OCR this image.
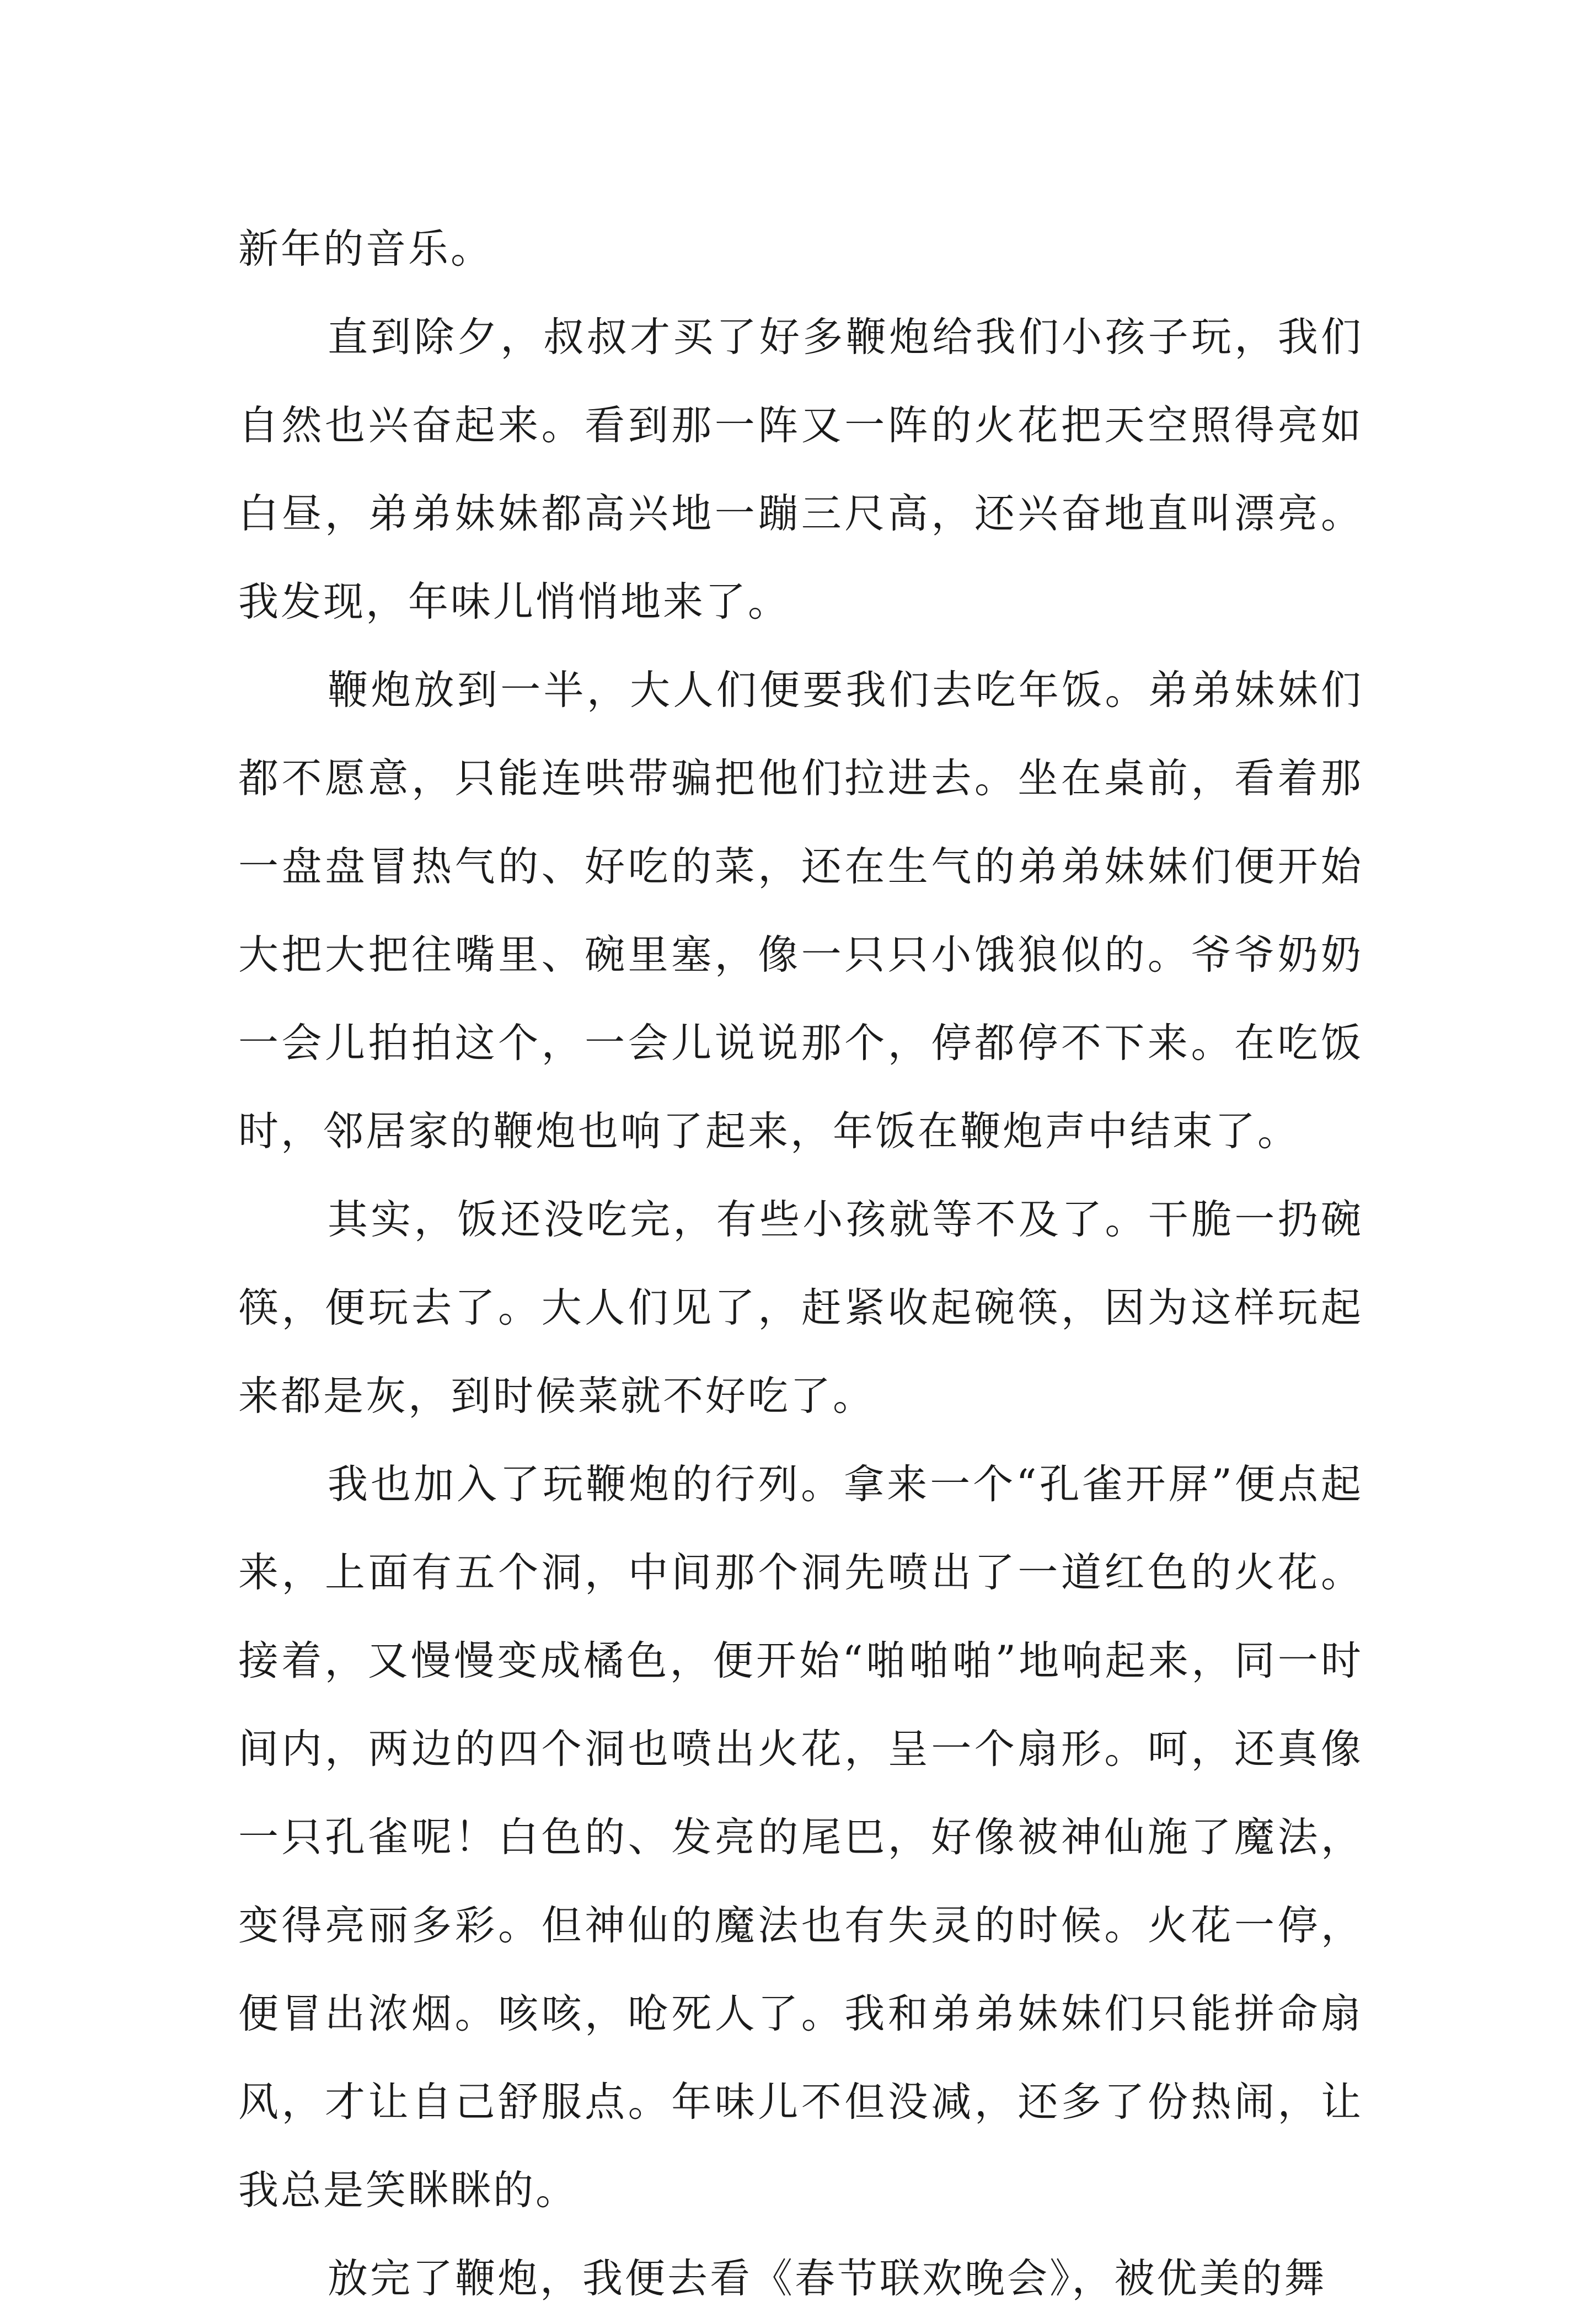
新年的音乐。

直到除夕，叔叔才买了好多鞭炮给我们小孩子玩，我们自然也兴奋起来。看到那一阵又一阵的火花把天空照得亮如白昼，弟弟妹妹都高兴地一蹦三尺高，还兴奋地直叫漂亮。我发现，年味儿悄悄地来了。

鞭炮放到一半，大人们便要我们去吃年饭。弟弟妹妹们都不愿意，只能连哄带骗把他们拉进去。坐在桌前，看着那一盘盘冒热气的、好吃的菜，还在生气的弟弟妹妹们便开始大把大把往嘴里、碗里塞，像一只只小饿狼似的。爷爷奶奶一会儿拍拍这个，一会儿说说那个，停都停不下来。在吃饭时，邻居家的鞭炮也响了起来，年饭在鞭炮声中结束了。

其实，饭还没吃完，有些小孩就等不及了。干脆一扔碗筷，便玩去了。大人们见了，赶紧收起碗筷，因为这样玩起来都是灰，到时候菜就不好吃了。

我也加入了玩鞭炮的行列。拿来一个“孔雀开屏”便点起来，上面有五个洞，中间那个洞先喷出了一道红色的火花。接着，又慢慢变成橘色，便开始“啪啪啪”地响起来，同一时间内，两边的四个洞也喷出火花，呈一个扇形。呵，还真像一只孔雀呢！白色的、发亮的尾巴，好像被神仙施了魔法，变得亮丽多彩。但神仙的魔法也有失灵的时候。火花一停，便冒出浓烟。咳咳，呛死人了。我和弟弟妹妹们只能拼命扇风，才让自己舒服点。年味儿不但没减，还多了份热闹，让我总是笑眯眯的。

放完了鞭炮，我便去看《春节联欢晚会》，被优美的舞
